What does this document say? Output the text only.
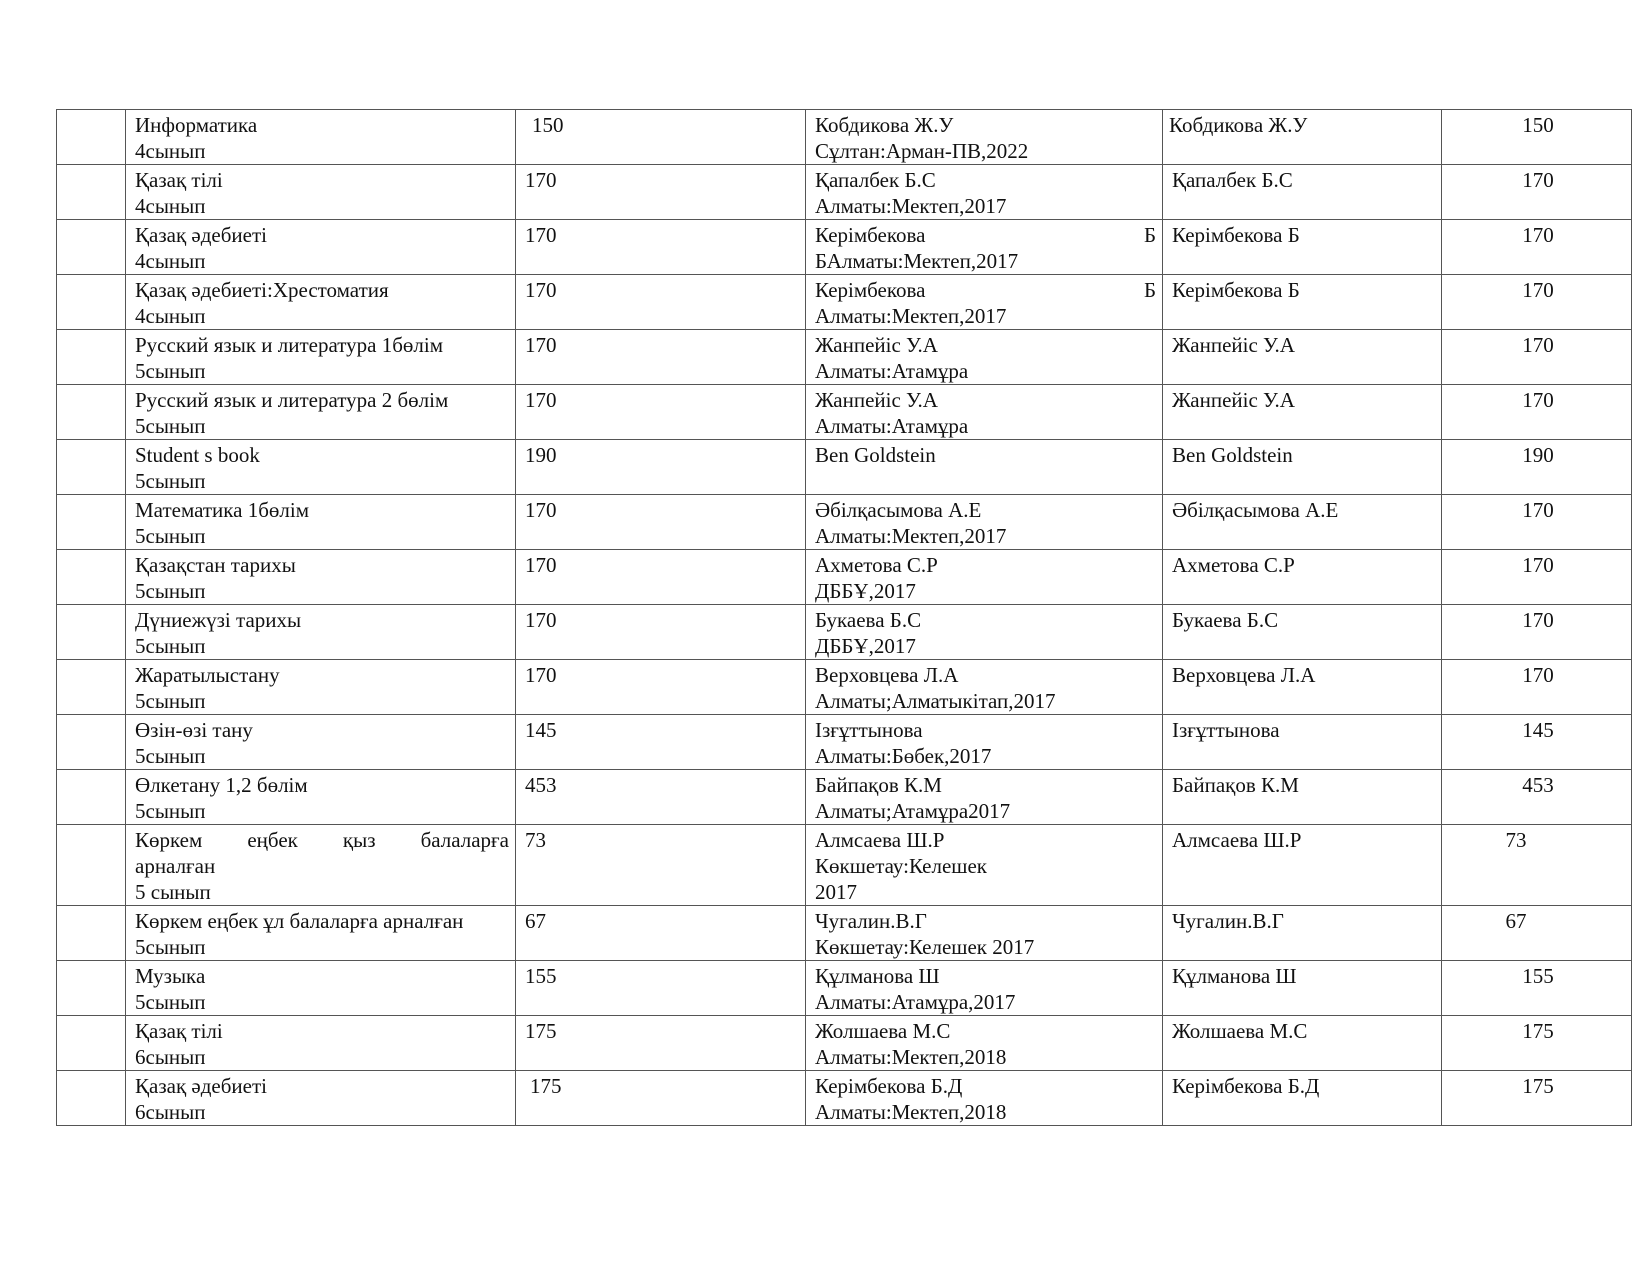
	Информатика
4сынып	150	Кобдикова Ж.У
Сұлтан:Арман-ПВ,2022	Кобдикова Ж.У	150

	Қазақ тілі
4сынып	170	Қапалбек Б.С
Алматы:Мектеп,2017	Қапалбек Б.С	170

	Қазақ әдебиеті
4сынып	170	Керімбекова Б
БАлматы:Мектеп,2017	Керімбекова Б	170

	Қазақ әдебиеті:Хрестоматия
4сынып	170	Керімбекова Б
Алматы:Мектеп,2017	Керімбекова Б	170

	Русский язык и литература 1бөлім
5сынып	170	Жанпейіс У.А
Алматы:Атамұра	Жанпейіс У.А	170

	Русский язык и литература 2 бөлім
5сынып	170	Жанпейіс У.А
Алматы:Атамұра	Жанпейіс У.А	170

	Student s book
5сынып	190	Ben Goldstein	Ben Goldstein	190

	Математика 1бөлім
5сынып	170	Әбілқасымова А.Е
Алматы:Мектеп,2017	Әбілқасымова А.Е	170

	Қазақстан тарихы
5сынып	170	Ахметова С.Р
ДББҰ,2017	Ахметова С.Р	170

	Дүниежүзі тарихы
5сынып	170	Букаева Б.С
ДББҰ,2017	Букаева Б.С	170

	Жаратылыстану
5сынып	170	Верховцева Л.А
Алматы;Алматыкітап,2017	Верховцева Л.А	170

	Өзін-өзі тану
5сынып	145	Ізғұттынова
Алматы:Бөбек,2017	Ізғұттынова	145

	Өлкетану 1,2 бөлім
5сынып	453	Байпақов К.М
Алматы;Атамұра2017	Байпақов К.М	453

	Көркем еңбек қыз балаларға
арналған
5 сынып	73	Алмсаева Ш.Р
Көкшетау:Келешек
2017	Алмсаева Ш.Р	73

	Көркем еңбек ұл балаларға арналған
5сынып	67	Чугалин.В.Г
Көкшетау:Келешек 2017	Чугалин.В.Г	67

	Музыка
5сынып	155	Құлманова Ш
Алматы:Атамұра,2017	Құлманова Ш	155

	Қазақ тілі
6сынып	175	Жолшаева М.С
Алматы:Мектеп,2018	Жолшаева М.С	175

	Қазақ әдебиеті
6сынып	175	Керімбекова Б.Д
Алматы:Мектеп,2018	Керімбекова Б.Д	175
